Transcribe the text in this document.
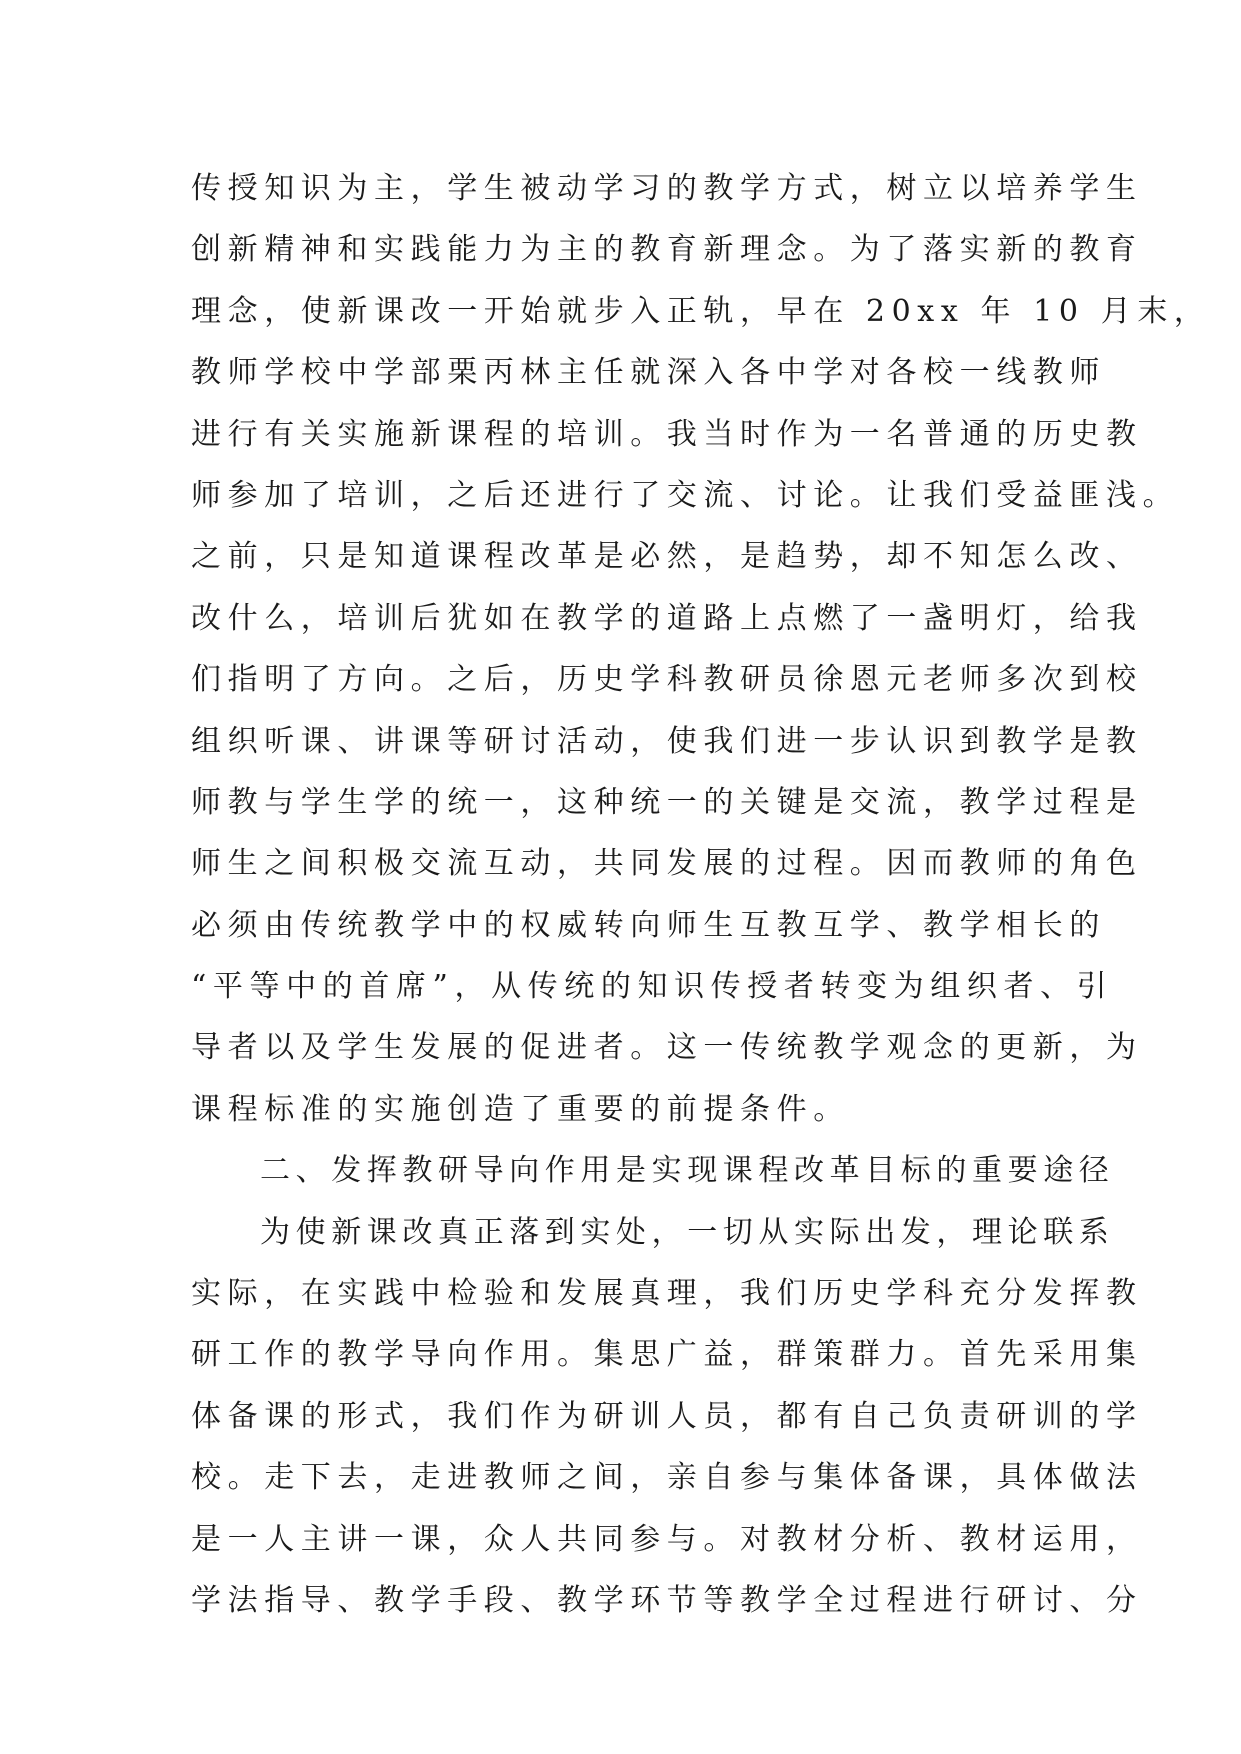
传授知识为主，学生被动学习的教学方式，树立以培养学生
创新精神和实践能力为主的教育新理念。为了落实新的教育
理念，使新课改一开始就步入正轨，早在 20xx 年 10 月末，
教师学校中学部栗丙林主任就深入各中学对各校一线教师
进行有关实施新课程的培训。我当时作为一名普通的历史教
师参加了培训，之后还进行了交流、讨论。让我们受益匪浅。
之前，只是知道课程改革是必然，是趋势，却不知怎么改、
改什么，培训后犹如在教学的道路上点燃了一盏明灯，给我
们指明了方向。之后，历史学科教研员徐恩元老师多次到校
组织听课、讲课等研讨活动，使我们进一步认识到教学是教
师教与学生学的统一，这种统一的关键是交流，教学过程是
师生之间积极交流互动，共同发展的过程。因而教师的角色
必须由传统教学中的权威转向师生互教互学、教学相长的
“平等中的首席”，从传统的知识传授者转变为组织者、引
导者以及学生发展的促进者。这一传统教学观念的更新，为
课程标准的实施创造了重要的前提条件。
二、发挥教研导向作用是实现课程改革目标的重要途径
为使新课改真正落到实处，一切从实际出发，理论联系
实际，在实践中检验和发展真理，我们历史学科充分发挥教
研工作的教学导向作用。集思广益，群策群力。首先采用集
体备课的形式，我们作为研训人员，都有自己负责研训的学
校。走下去，走进教师之间，亲自参与集体备课，具体做法
是一人主讲一课，众人共同参与。对教材分析、教材运用，
学法指导、教学手段、教学环节等教学全过程进行研讨、分
